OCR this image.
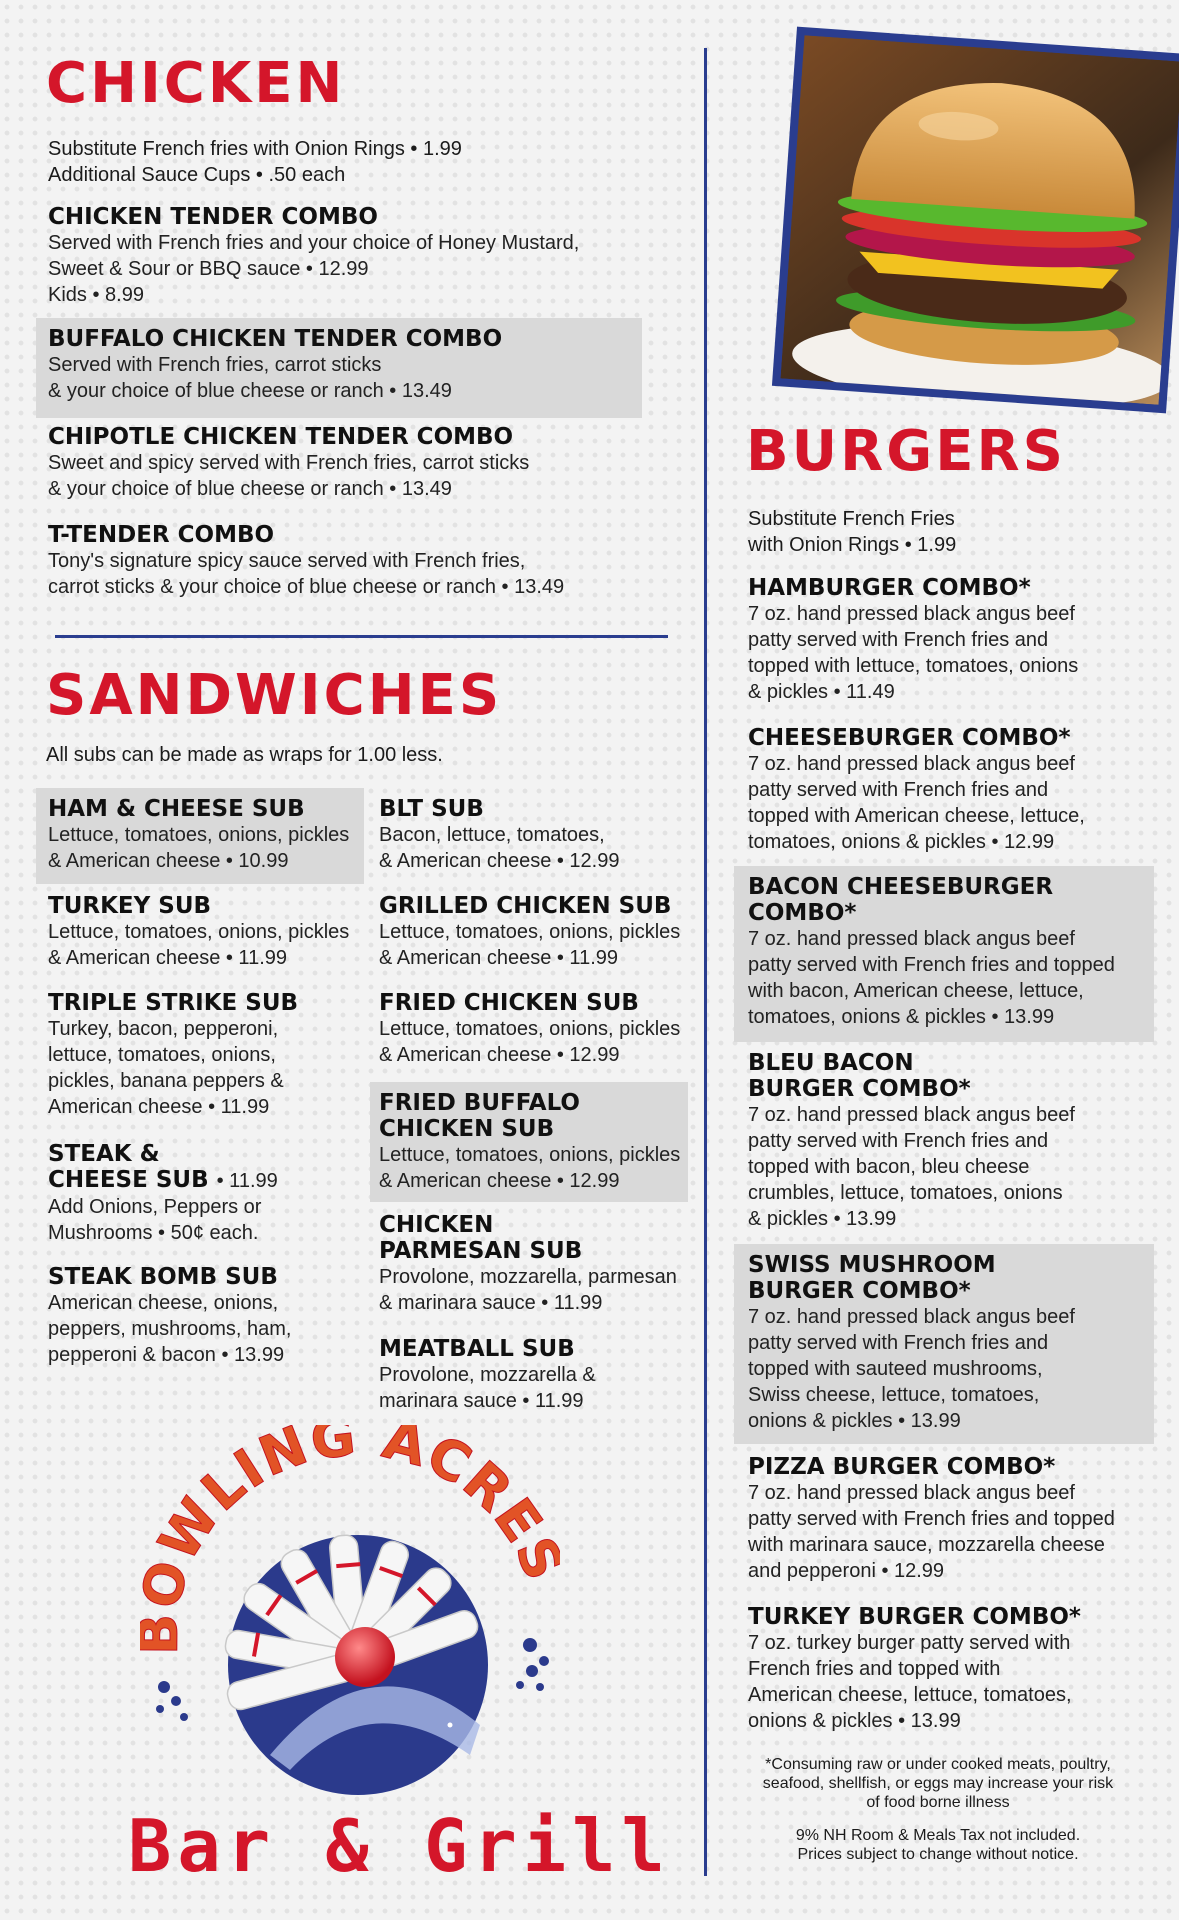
CHICKEN

Substitute French fries with Onion Rings • 1.99

Additional Sauce Cups • .50 each

CHICKEN TENDER COMBO

Served with French fries and your choice of Honey Mustard,

Sweet & Sour or BBQ sauce • 12.99

Kids • 8.99

BUFFALO CHICKEN TENDER COMBO

Served with French fries, carrot sticks

& your choice of blue cheese or ranch • 13.49

CHIPOTLE CHICKEN TENDER COMBO

Sweet and spicy served with French fries, carrot sticks

& your choice of blue cheese or ranch • 13.49

T-TENDER COMBO

Tony's signature spicy sauce served with French fries,

carrot sticks & your choice of blue cheese or ranch • 13.49

SANDWICHES

All subs can be made as wraps for 1.00 less.

HAM & CHEESE SUB

Lettuce, tomatoes, onions, pickles

& American cheese • 10.99

TURKEY SUB

Lettuce, tomatoes, onions, pickles

& American cheese • 11.99

TRIPLE STRIKE SUB

Turkey, bacon, pepperoni,

lettuce, tomatoes, onions,

pickles, banana peppers &

American cheese • 11.99

STEAK &

CHEESE SUB • 11.99

Add Onions, Peppers or

Mushrooms • 50¢ each.

STEAK BOMB SUB

American cheese, onions,

peppers, mushrooms, ham,

pepperoni & bacon • 13.99

BLT SUB

Bacon, lettuce, tomatoes,

& American cheese • 12.99

GRILLED CHICKEN SUB

Lettuce, tomatoes, onions, pickles

& American cheese • 11.99

FRIED CHICKEN SUB

Lettuce, tomatoes, onions, pickles

& American cheese • 12.99

FRIED BUFFALO

CHICKEN SUB

Lettuce, tomatoes, onions, pickles

& American cheese • 12.99

CHICKEN

PARMESAN SUB

Provolone, mozzarella, parmesan

& marinara sauce • 11.99

MEATBALL SUB

Provolone, mozzarella &

marinara sauce • 11.99

WLING ACRE
Bar & Grill
BURGERS

Substitute French Fries

with Onion Rings • 1.99

HAMBURGER COMBO*

7 oz. hand pressed black angus beef

patty served with French fries and

topped with lettuce, tomatoes, onions

& pickles • 11.49

CHEESEBURGER COMBO*

7 oz. hand pressed black angus beef

patty served with French fries and

topped with American cheese, lettuce,

tomatoes, onions & pickles • 12.99

BACON CHEESEBURGER

COMBO*

7 oz. hand pressed black angus beef

patty served with French fries and topped

with bacon, American cheese, lettuce,

tomatoes, onions & pickles • 13.99

BLEU BACON

BURGER COMBO*

7 oz. hand pressed black angus beef

patty served with French fries and

topped with bacon, bleu cheese

crumbles, lettuce, tomatoes, onions

& pickles • 13.99

SWISS MUSHROOM

BURGER COMBO*

7 oz. hand pressed black angus beef

patty served with French fries and

topped with sauteed mushrooms,

Swiss cheese, lettuce, tomatoes,

onions & pickles • 13.99

PIZZA BURGER COMBO*

7 oz. hand pressed black angus beef

patty served with French fries and topped

with marinara sauce, mozzarella cheese

and pepperoni • 12.99

TURKEY BURGER COMBO*

7 oz. turkey burger patty served with

French fries and topped with

American cheese, lettuce, tomatoes,

onions & pickles • 13.99

*Consuming raw or under cooked meats, poultry,

seafood, shellfish, or eggs may increase your risk

of food borne illness

9% NH Room & Meals Tax not included.

Prices subject to change without notice.
